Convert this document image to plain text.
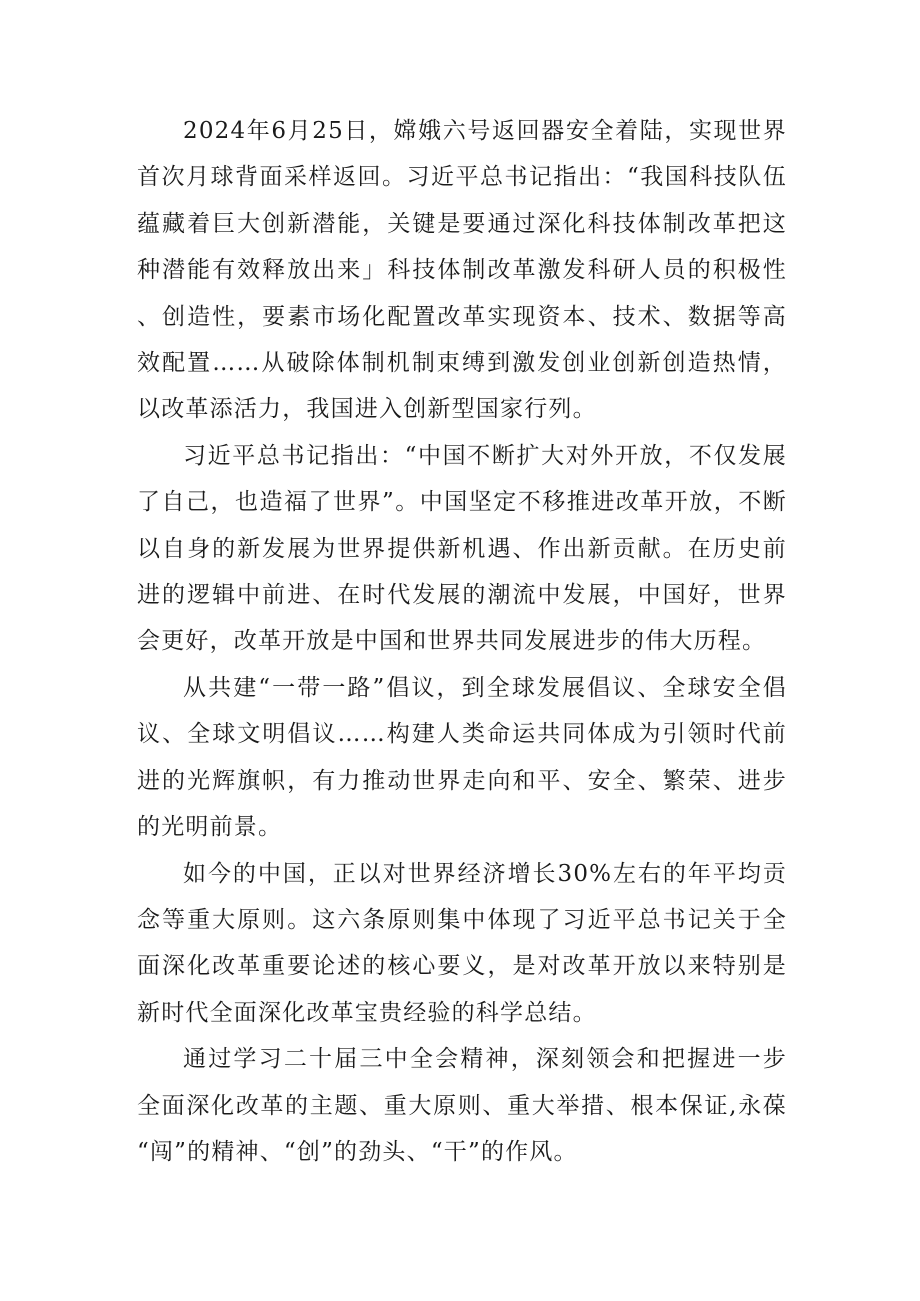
2024年6月25日，嫦娥六号返回器安全着陆，实现世界首次月球背面采样返回。习近平总书记指出：“我国科技队伍蕴藏着巨大创新潜能，关键是要通过深化科技体制改革把这种潜能有效释放出来」科技体制改革激发科研人员的积极性、创造性，要素市场化配置改革实现资本、技术、数据等高效配置……从破除体制机制束缚到激发创业创新创造热情，以改革添活力，我国进入创新型国家行列。

习近平总书记指出：“中国不断扩大对外开放，不仅发展了自己，也造福了世界”。中国坚定不移推进改革开放，不断以自身的新发展为世界提供新机遇、作出新贡献。在历史前进的逻辑中前进、在时代发展的潮流中发展，中国好，世界会更好，改革开放是中国和世界共同发展进步的伟大历程。

从共建“一带一路”倡议，到全球发展倡议、全球安全倡议、全球文明倡议……构建人类命运共同体成为引领时代前进的光辉旗帜，有力推动世界走向和平、安全、繁荣、进步的光明前景。

如今的中国，正以对世界经济增长30%左右的年平均贡念等重大原则。这六条原则集中体现了习近平总书记关于全面深化改革重要论述的核心要义，是对改革开放以来特别是新时代全面深化改革宝贵经验的科学总结。

通过学习二十届三中全会精神，深刻领会和把握进一步全面深化改革的主题、重大原则、重大举措、根本保证,永葆“闯”的精神、“创”的劲头、“干”的作风。
